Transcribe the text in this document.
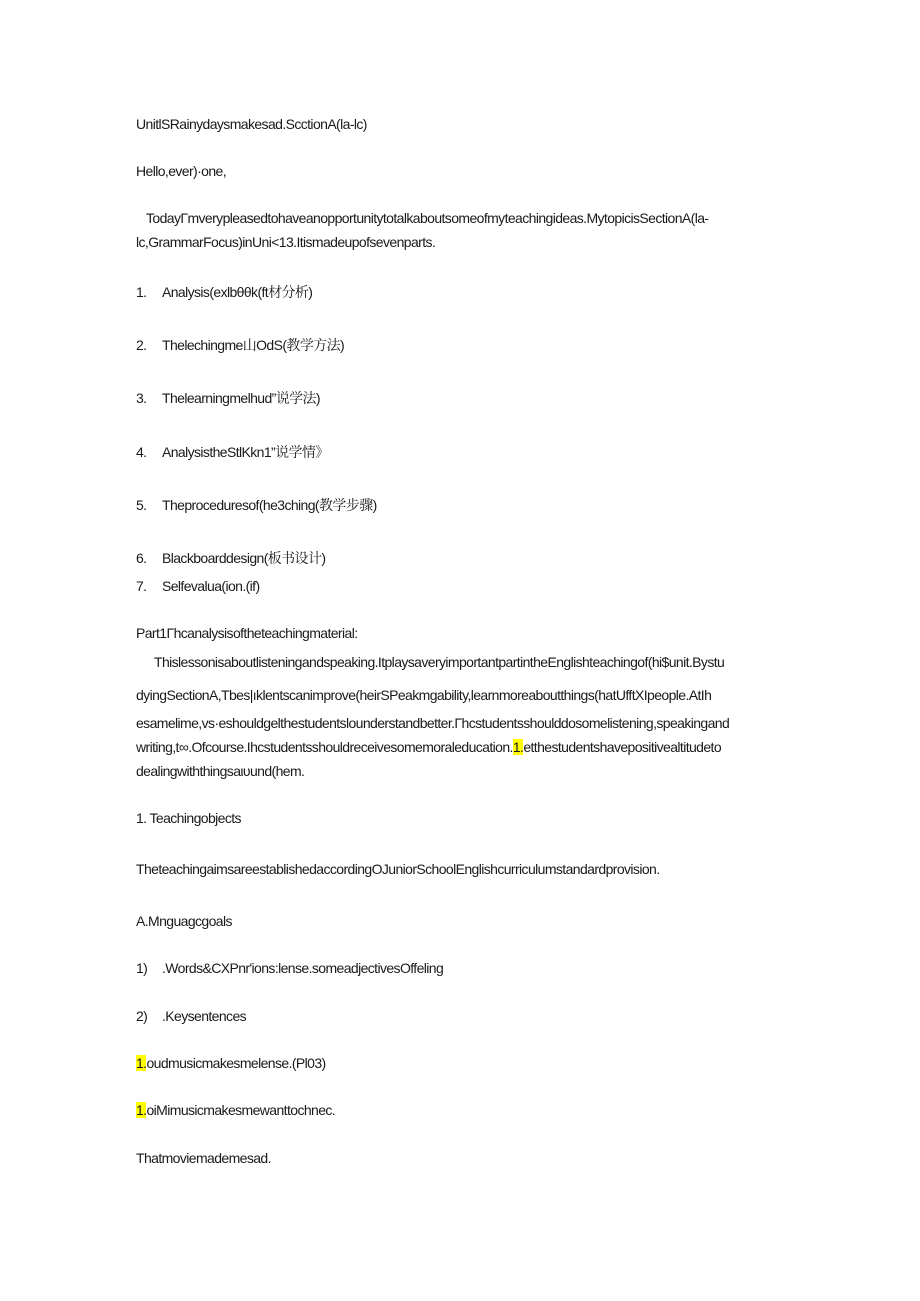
UnitlSRainydaysmakesad.ScctionA(la-lc)
Hello,ever)·one,
TodayΓmverypleasedtohaveanopportunitytotalkaboutsomeofmyteachingideas.MytopicisSectionA(la-
lc,GrammarFocus)inUni<13.Itismadeupofsevenparts.
1. Analysis(exlbθθk(ft材分析)
2. Thelechingme山OdS(教学方法)
3. Thelearningmelhud”说学法)
4. AnalysistheStlKkn1”说学情》
5. Theproceduresof(he3ching(教学步骤)
6. Blackboarddesign(板书设计)
7. Selfevalua(ion.(if)
Part1Γhcanalysisoftheteachingmaterial:
Thislessonisaboutlisteningandspeaking.ItplaysaveryimportantpartintheEnglishteachingof(hi$unit.Bystu
dyingSectionA,Tbes|ıklentscanimprove(heirSPeakmgability,learnmoreaboutthings(hatUfftXIpeople.AtIh
esamelime,vs·eshouldgelthestudentslounderstandbetter.Γhcstudentsshoulddosomelistening,speakingand
writing,t∞.Ofcourse.Ihcstudentsshouldreceivesomemoraleducation.1.etthestudentshavepositivealtitudeto
dealingwiththingsaιυund(hem.
1. Teachingobjects
TheteachingaimsareestablishedaccordingOJuniorSchoolEnglishcurriculumstandardprovision.
A.Mnguagcgoals
1) .Words&CXPnr'ions:lense.someadjectivesOffeling
2) .Keysentences
1.oudmusicmakesmelense.(Pl03)
1.oiMimusicmakesmewanttochnec.
Thatmoviemademesad.
